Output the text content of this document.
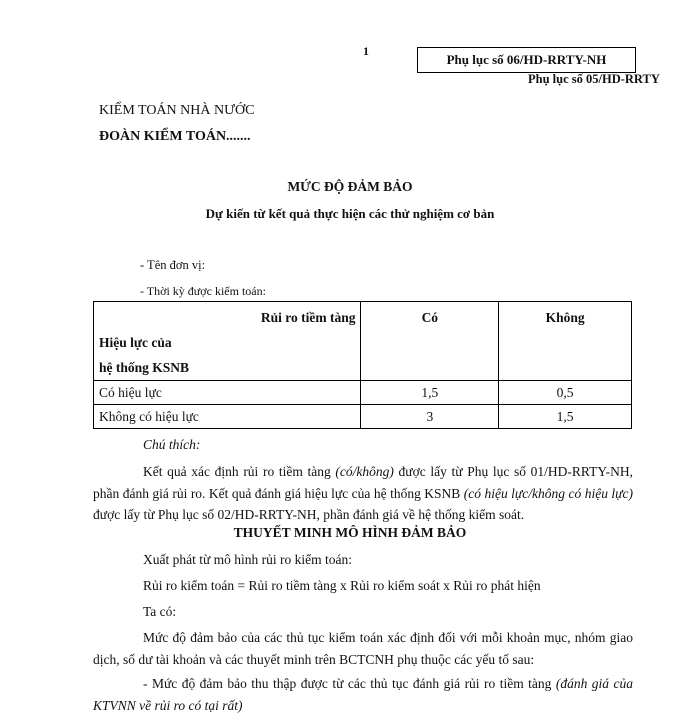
1
Phụ lục số 06/HD-RRTY-NH
Phụ lục số 05/HD-RRTY
KIỂM TOÁN NHÀ NƯỚC
ĐOÀN KIỂM TOÁN.......
MỨC ĐỘ ĐẢM BẢO
Dự kiến từ kết quả thực hiện các thử nghiệm cơ bản
- Tên đơn vị:
- Thời kỳ được kiểm toán:
Rủi ro tiềm tàng
Hiệu lực của
hệ thống KSNB	Có	Không
Có hiệu lực	1,5	0,5
Không có hiệu lực	3	1,5
Chú thích:
Kết quả xác định rủi ro tiềm tàng (có/không) được lấy từ Phụ lục số 01/HD-RRTY-NH, phần đánh giá rủi ro. Kết quả đánh giá hiệu lực của hệ thống KSNB (có hiệu lực/không có hiệu lực) được lấy từ Phụ lục số 02/HD-RRTY-NH, phần đánh giá về hệ thống kiểm soát.
THUYẾT MINH MÔ HÌNH ĐẢM BẢO
Xuất phát từ mô hình rủi ro kiểm toán:
Rủi ro kiểm toán = Rủi ro tiềm tàng x Rủi ro kiểm soát x Rủi ro phát hiện
Ta có:
Mức độ đảm bảo của các thủ tục kiểm toán xác định đối với mỗi khoản mục, nhóm giao dịch, số dư tài khoản và các thuyết minh trên BCTCNH phụ thuộc các yếu tố sau:
- Mức độ đảm bảo thu thập được từ các thủ tục đánh giá rủi ro tiềm tàng (đánh giá của KTVNN về rủi ro có tại rất)
